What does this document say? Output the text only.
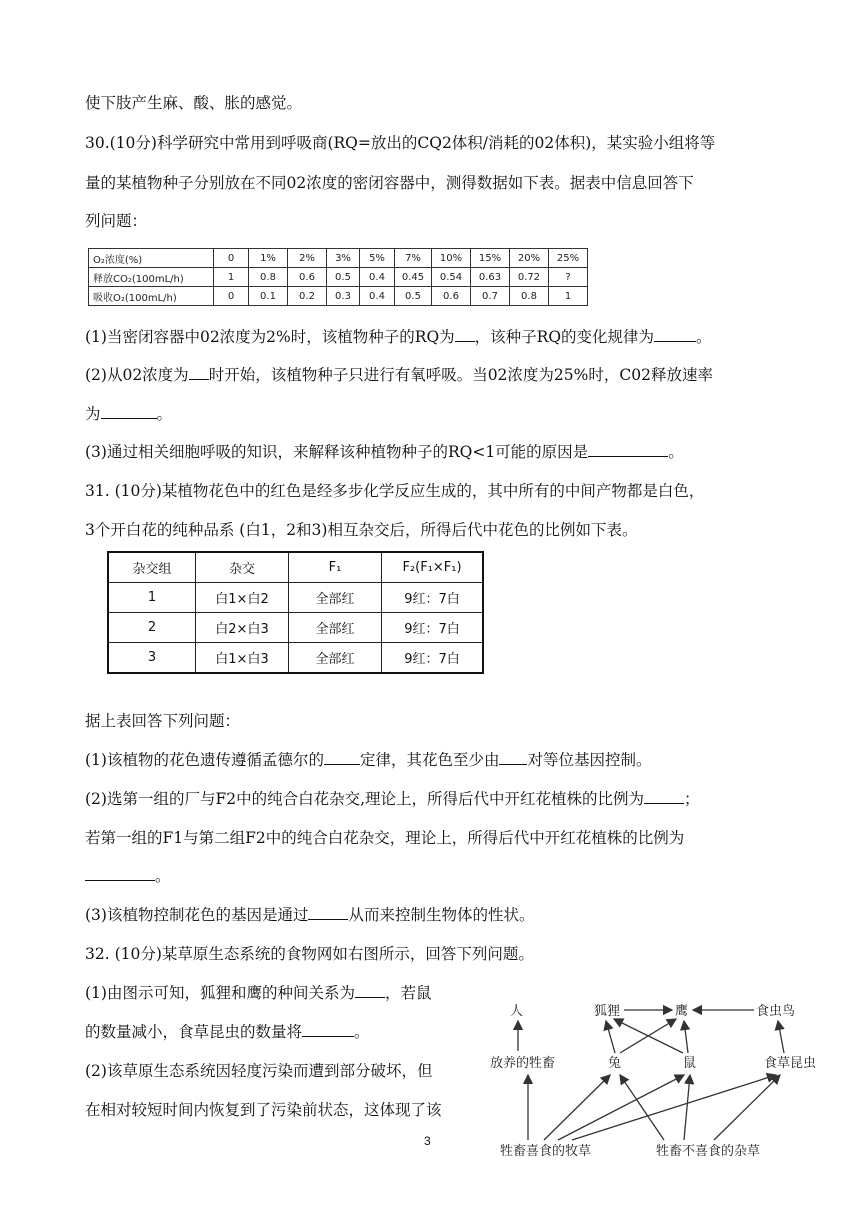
使下肢产生麻、酸、胀的感觉。
30.(10分)科学研究中常用到呼吸商(RQ=放出的CQ2体积/消耗的02体积)，某实验小组将等
量的某植物种子分别放在不同02浓度的密闭容器中，测得数据如下表。据表中信息回答下
列问题：
O₂浓度(%)	0	1%	2%	3%	5%	7%	10%	15%	20%	25%
释放CO₂(100mL/h)	1	0.8	0.6	0.5	0.4	0.45	0.54	0.63	0.72	?
吸收O₂(100mL/h)	0	0.1	0.2	0.3	0.4	0.5	0.6	0.7	0.8	1
(1)当密闭容器中02浓度为2%时，该植物种子的RQ为 ，该种子RQ的变化规律为	。
(2)从02浓度为 时开始，该植物种子只进行有氧呼吸。当02浓度为25%时，C02释放速率
为	。
(3)通过相关细胞呼吸的知识，来解释该种植物种子的RQ<1可能的原因是	。
31. (10分)某植物花色中的红色是经多步化学反应生成的，其中所有的中间产物都是白色，
3个开白花的纯种品系 (白1，2和3)相互杂交后，所得后代中花色的比例如下表。
杂交组	杂交	F₁	F₂(F₁×F₁)
1	白1×白2	全部红	9红：7白
2	白2×白3	全部红	9红：7白
3	白1×白3	全部红	9红：7白
据上表回答下列问题：
(1)该植物的花色遗传遵循孟德尔的 定律，其花色至少由 对等位基因控制。
(2)选第一组的厂与F2中的纯合白花杂交,理论上，所得后代中开红花植株的比例为	；
若第一组的F1与第二组F2中的纯合白花杂交，理论上，所得后代中开红花植株的比例为
。
(3)该植物控制花色的基因是通过	从而来控制生物体的性状。
32. (10分)某草原生态系统的食物网如右图所示，回答下列问题。
(1)由图示可知，狐狸和鹰的种间关系为 ，若鼠
的数量减小，食草昆虫的数量将	。
(2)该草原生态系统因轻度污染而遭到部分破坏，但
在相对较短时间内恢复到了污染前状态，这体现了该
人	狐狸	鹰	食虫鸟
放养的牲畜	兔	鼠	食草昆虫
牲畜喜食的牧草	牲畜不喜食的杂草
3
